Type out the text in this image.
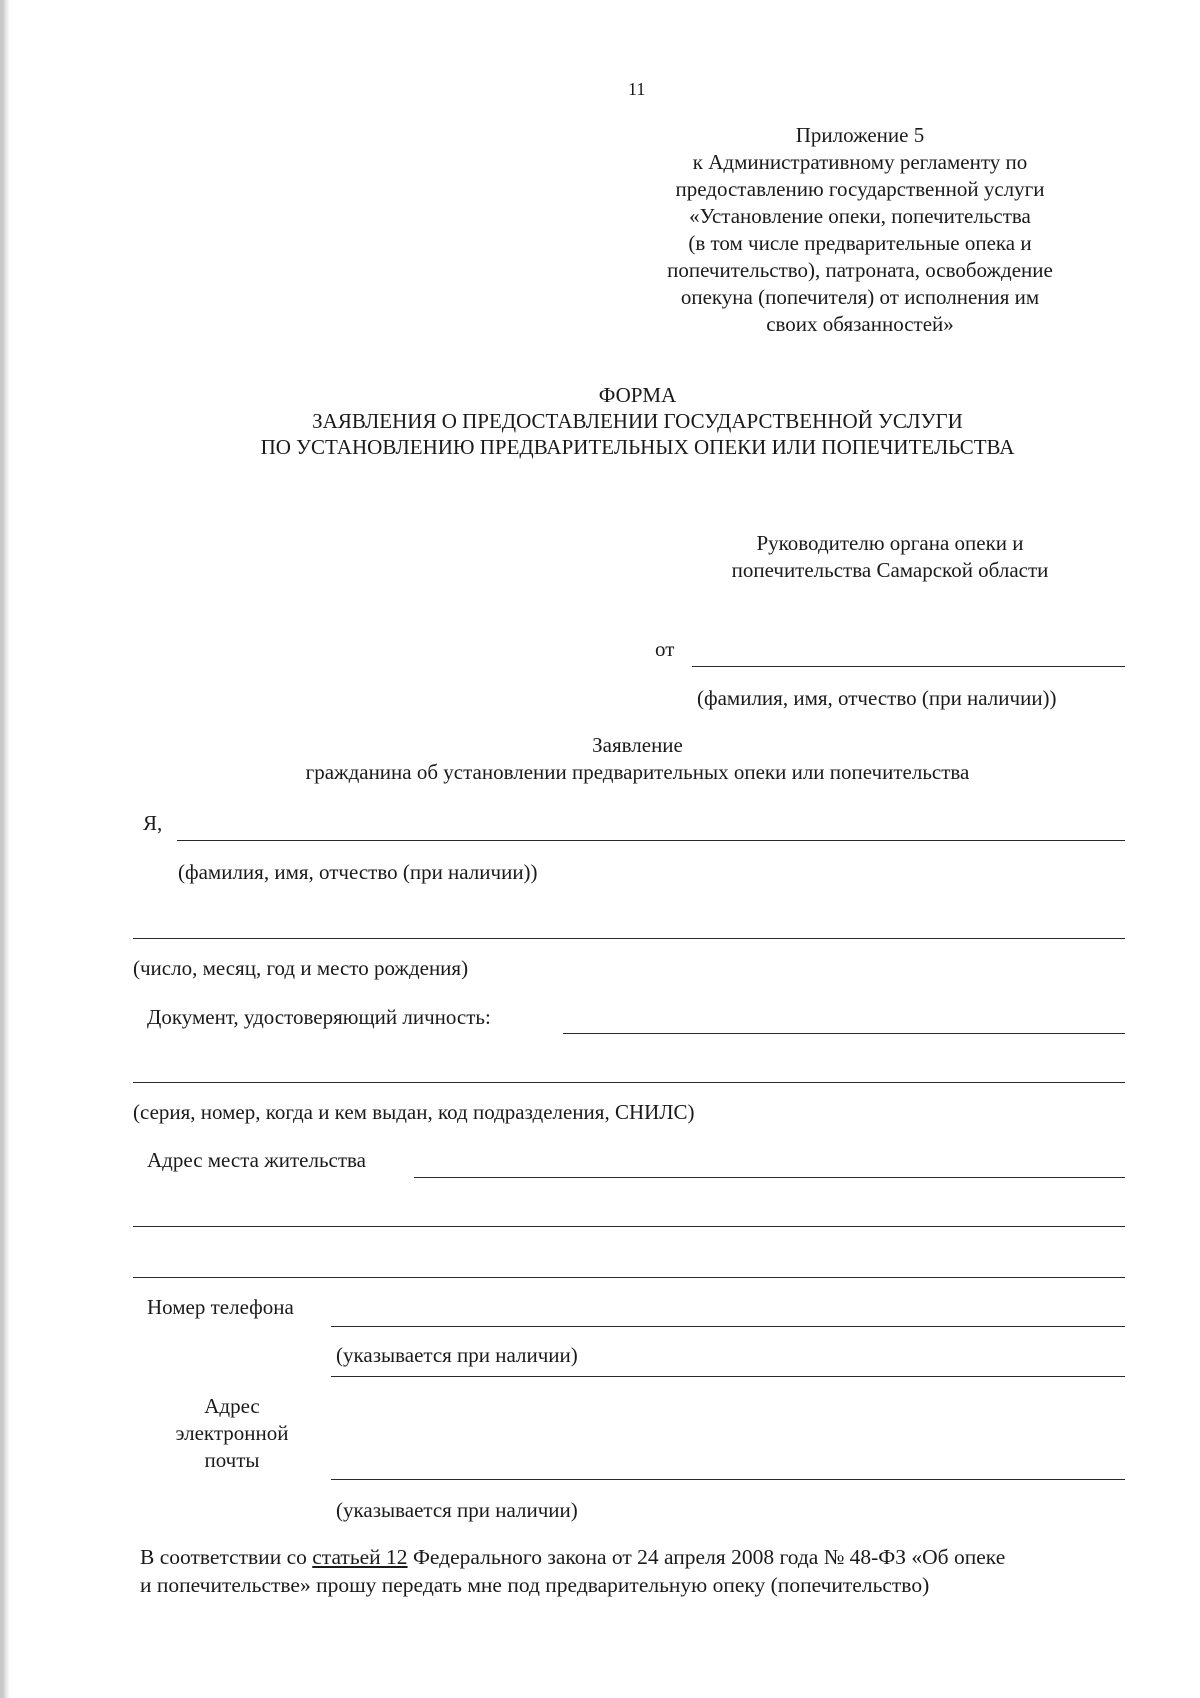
11
Приложение 5
к Административному регламенту по
предоставлению государственной услуги
«Установление опеки, попечительства
(в том числе предварительные опека и
попечительство), патроната, освобождение
опекуна (попечителя) от исполнения им
своих обязанностей»
ФОРМА
ЗАЯВЛЕНИЯ О ПРЕДОСТАВЛЕНИИ ГОСУДАРСТВЕННОЙ УСЛУГИ
ПО УСТАНОВЛЕНИЮ ПРЕДВАРИТЕЛЬНЫХ ОПЕКИ ИЛИ ПОПЕЧИТЕЛЬСТВА
Руководителю органа опеки и
попечительства Самарской области
от
(фамилия, имя, отчество (при наличии))
Заявление
гражданина об установлении предварительных опеки или попечительства
Я,
(фамилия, имя, отчество (при наличии))
(число, месяц, год и место рождения)
Документ, удостоверяющий личность:
(серия, номер, когда и кем выдан, код подразделения, СНИЛС)
Адрес места жительства
Номер телефона
(указывается при наличии)
Адрес
электронной
почты
(указывается при наличии)
В соответствии со статьей 12 Федерального закона от 24 апреля 2008 года № 48-ФЗ «Об опеке
и попечительстве» прошу передать мне под предварительную опеку (попечительство)
